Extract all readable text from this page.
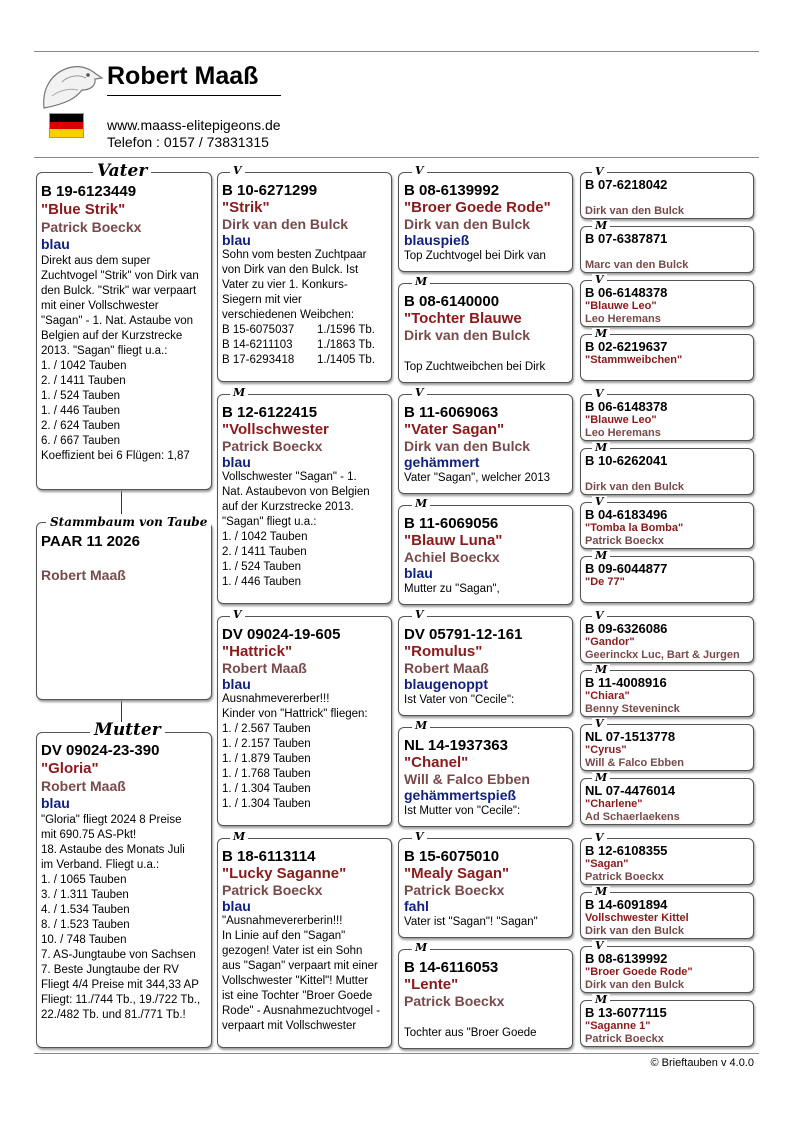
Robert Maaß
www.maass-elitepigeons.de
Telefon : 0157 / 73831315
B 19-6123449
"Blue Strik"
Patrick Boeckx
blau
Direkt aus dem super
Zuchtvogel "Strik" von Dirk van
den Bulck. "Strik" war verpaart
mit einer Vollschwester
"Sagan" - 1. Nat. Astaube von
Belgien auf der Kurzstrecke
2013. "Sagan" fliegt u.a.:
1. / 1042 Tauben
2. / 1411 Tauben
1. / 524 Tauben
1. / 446 Tauben
2. / 624 Tauben
6. / 667 Tauben
Koeffizient bei 6 Flügen: 1,87
Vater
PAAR 11 2026
Robert Maaß
Stammbaum von Taube
DV 09024-23-390
"Gloria"
Robert Maaß
blau
"Gloria" fliegt 2024 8 Preise
mit 690.75 AS-Pkt!
18. Astaube des Monats Juli
im Verband. Fliegt u.a.:
1. / 1065 Tauben
3. / 1.311 Tauben
4. / 1.534 Tauben
8. / 1.523 Tauben
10. / 748 Tauben
7. AS-Jungtaube von Sachsen
7. Beste Jungtaube der RV
Fliegt 4/4 Preise mit 344,33 AP
Fliegt: 11./744 Tb., 19./722 Tb.,
22./482 Tb. und 81./771 Tb.!
Mutter
B 10-6271299
"Strik"
Dirk van den Bulck
blau
Sohn vom besten Zuchtpaar
von Dirk van den Bulck. Ist
Vater zu vier 1. Konkurs-
Siegern mit vier
verschiedenen Weibchen:
B 15-6075037	1./1596 Tb.
B 14-6211103	1./1863 Tb.
B 17-6293418	1./1405 Tb.
V
B 12-6122415
"Vollschwester
Patrick Boeckx
blau
Vollschwester "Sagan" - 1.
Nat. Astaubevon von Belgien
auf der Kurzstrecke 2013.
"Sagan" fliegt u.a.:
1. / 1042 Tauben
2. / 1411 Tauben
1. / 524 Tauben
1. / 446 Tauben
M
DV 09024-19-605
"Hattrick"
Robert Maaß
blau
Ausnahmevererber!!!
Kinder von "Hattrick" fliegen:
1. / 2.567 Tauben
1. / 2.157 Tauben
1. / 1.879 Tauben
1. / 1.768 Tauben
1. / 1.304 Tauben
1. / 1.304 Tauben
V
B 18-6113114
"Lucky Saganne"
Patrick Boeckx
blau
"Ausnahmevererberin!!!
In Linie auf den "Sagan"
gezogen! Vater ist ein Sohn
aus "Sagan" verpaart mit einer
Vollschwester "Kittel"! Mutter
ist eine Tochter "Broer Goede
Rode" - Ausnahmezuchtvogel -
verpaart mit Vollschwester
M
B 08-6139992
"Broer Goede Rode"
Dirk van den Bulck
blauspieß
Top Zuchtvogel bei Dirk van
V
B 08-6140000
"Tochter Blauwe
Dirk van den Bulck
Top Zuchtweibchen bei Dirk
M
B 11-6069063
"Vater Sagan"
Dirk van den Bulck
gehämmert
Vater "Sagan", welcher 2013
V
B 11-6069056
"Blauw Luna"
Achiel Boeckx
blau
Mutter zu "Sagan",
M
DV 05791-12-161
"Romulus"
Robert Maaß
blaugenoppt
Ist Vater von "Cecile":
V
NL 14-1937363
"Chanel"
Will & Falco Ebben
gehämmertspieß
Ist Mutter von "Cecile":
M
B 15-6075010
"Mealy Sagan"
Patrick Boeckx
fahl
Vater ist "Sagan"! "Sagan"
V
B 14-6116053
"Lente"
Patrick Boeckx
Tochter aus "Broer Goede
M
B 07-6218042
Dirk van den Bulck
V
B 07-6387871
Marc van den Bulck
M
B 06-6148378
"Blauwe Leo"
Leo Heremans
V
B 02-6219637
"Stammweibchen"
M
B 06-6148378
"Blauwe Leo"
Leo Heremans
V
B 10-6262041
Dirk van den Bulck
M
B 04-6183496
"Tomba la Bomba"
Patrick Boeckx
V
B 09-6044877
"De 77"
M
B 09-6326086
"Gandor"
Geerinckx Luc, Bart & Jurgen
V
B 11-4008916
"Chiara"
Benny Steveninck
M
NL 07-1513778
"Cyrus"
Will & Falco Ebben
V
NL 07-4476014
"Charlene"
Ad Schaerlaekens
M
B 12-6108355
"Sagan"
Patrick Boeckx
V
B 14-6091894
Vollschwester Kittel
Dirk van den Bulck
M
B 08-6139992
"Broer Goede Rode"
Dirk van den Bulck
V
B 13-6077115
"Saganne 1"
Patrick Boeckx
M
© Brieftauben v 4.0.0
